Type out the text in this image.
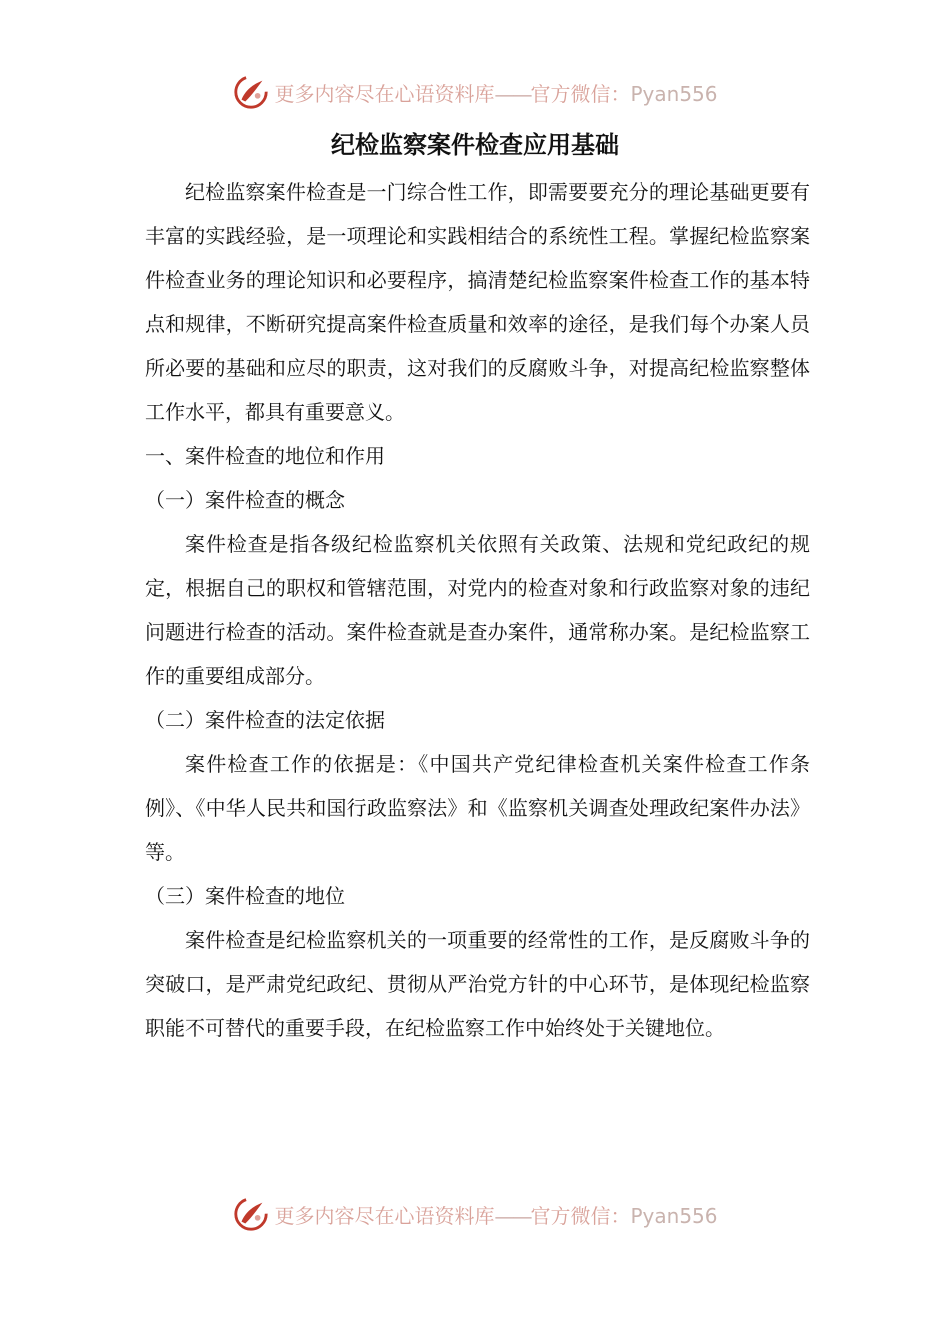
更多内容尽在心语资料库——官方微信：Pyan556
纪检监察案件检查应用基础

纪检监察案件检查是一门综合性工作，即需要要充分的理论基础更要有丰富的实践经验，是一项理论和实践相结合的系统性工程。掌握纪检监察案件检查业务的理论知识和必要程序，搞清楚纪检监察案件检查工作的基本特点和规律，不断研究提高案件检查质量和效率的途径，是我们每个办案人员所必要的基础和应尽的职责，这对我们的反腐败斗争，对提高纪检监察整体工作水平，都具有重要意义。

一、案件检查的地位和作用

（一）案件检查的概念

案件检查是指各级纪检监察机关依照有关政策、法规和党纪政纪的规定，根据自己的职权和管辖范围，对党内的检查对象和行政监察对象的违纪问题进行检查的活动。案件检查就是查办案件，通常称办案。是纪检监察工作的重要组成部分。

（二）案件检查的法定依据

案件检查工作的依据是：《中国共产党纪律检查机关案件检查工作条例》、《中华人民共和国行政监察法》和《监察机关调查处理政纪案件办法》等。

（三）案件检查的地位

案件检查是纪检监察机关的一项重要的经常性的工作，是反腐败斗争的突破口，是严肃党纪政纪、贯彻从严治党方针的中心环节，是体现纪检监察职能不可替代的重要手段，在纪检监察工作中始终处于关键地位。

更多内容尽在心语资料库——官方微信：Pyan556
